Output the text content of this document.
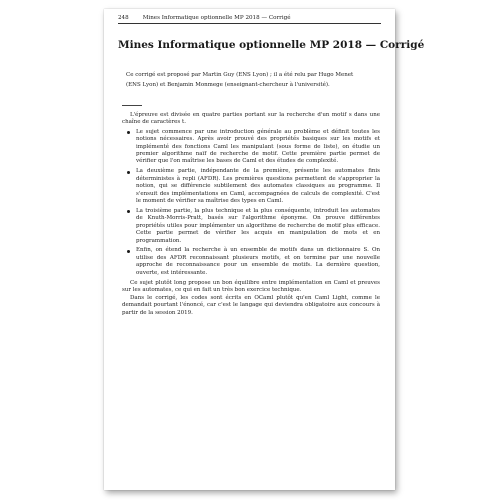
248	Mines Informatique optionnelle MP 2018 — Corrigé
Mines Informatique optionnelle MP 2018 — Corrigé
Ce corrigé est proposé par Martin Guy (ENS Lyon) ; il a été relu par Hugo Menet (ENS Lyon) et Benjamin Monmege (enseignant-chercheur à l'université).

L'épreuve est divisée en quatre parties portant sur la recherche d'un motif s dans une chaîne de caractères t.

Le sujet commence par une introduction générale au problème et définit toutes les notions nécessaires. Après avoir prouvé des propriétés basiques sur les motifs et implémenté des fonctions Caml les manipulant (sous forme de liste), on étudie un premier algorithme naïf de recherche de motif. Cette première partie permet de vérifier que l'on maîtrise les bases de Caml et des études de complexité.
La deuxième partie, indépendante de la première, présente les automates finis déterministes à repli (AFDR). Les premières questions permettent de s'approprier la notion, qui se différencie subtilement des automates classiques au programme. Il s'ensuit des implémentations en Caml, accompagnées de calculs de complexité. C'est le moment de vérifier sa maîtrise des types en Caml.
La troisième partie, la plus technique et la plus conséquente, introduit les automates de Knuth-Morris-Pratt, basés sur l'algorithme éponyme. On prouve différentes propriétés utiles pour implémenter un algorithme de recherche de motif plus efficace. Cette partie permet de vérifier les acquis en manipulation de mots et en programmation.
Enfin, on étend la recherche à un ensemble de motifs dans un dictionnaire S. On utilise des AFDR reconnaissant plusieurs motifs, et on termine par une nouvelle approche de reconnaissance pour un ensemble de motifs. La dernière question, ouverte, est intéressante.

Ce sujet plutôt long propose un bon équilibre entre implémentation en Caml et preuves sur les automates, ce qui en fait un très bon exercice technique.

Dans le corrigé, les codes sont écrits en OCaml plutôt qu'en Caml Light, comme le demandait pourtant l'énoncé, car c'est le langage qui deviendra obligatoire aux concours à partir de la session 2019.
